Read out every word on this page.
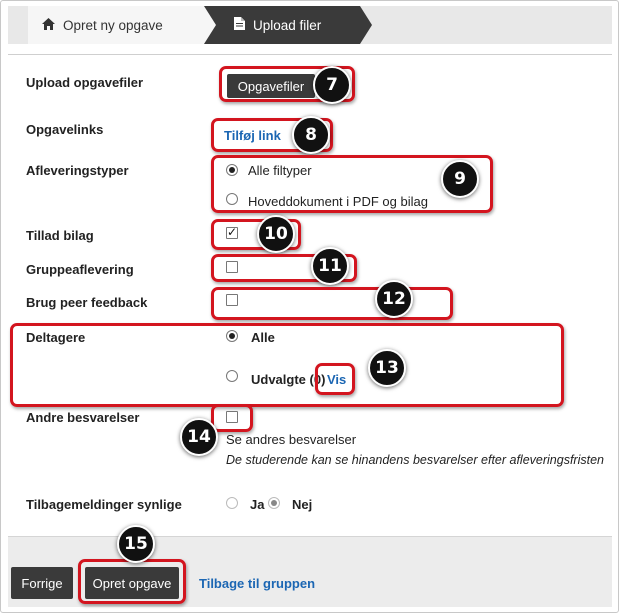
Opret ny opgave	Upload filer
Upload opgavefiler	Opgavefiler	7
Opgavelinks	Tilføj link	8
Afleveringstyper	Alle filtyper
Hoveddokument i PDF og bilag
9
Tillad bilag ✓	10
Gruppeaflevering	11
Brug peer feedback	12
Deltagere	Alle
Udvalgte (0) Vis
13
Andre besvarelser
Se andres besvarelser
De studerende kan se hinandens besvarelser efter afleveringsfristen
14
Tilbagemeldinger synlige	Ja Nej
Forrige	Opret opgave	Tilbage til gruppen
15
